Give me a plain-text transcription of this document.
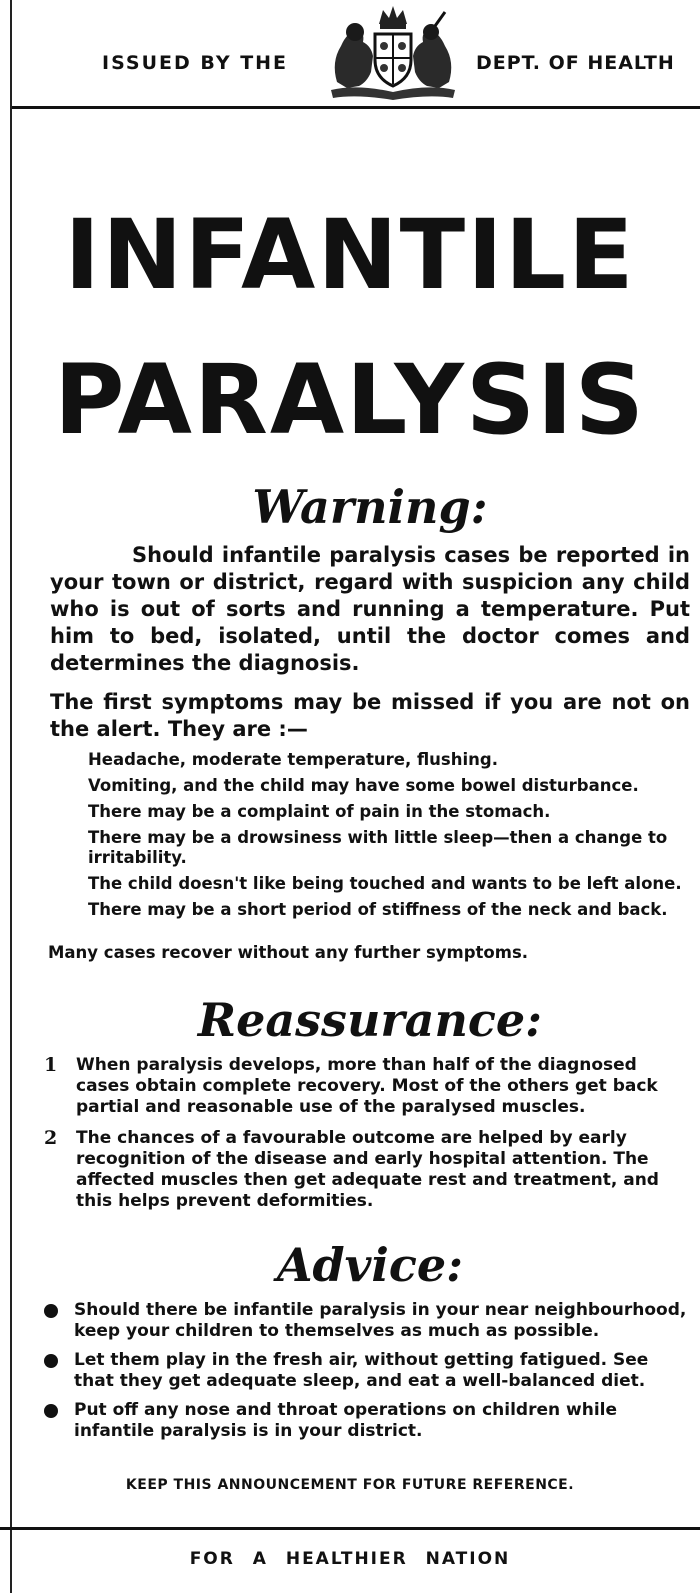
ISSUED BY THE	DEPT. OF HEALTH
INFANTILE
PARALYSIS
Warning:
Should infantile paralysis cases be reported in your town or district, regard with suspicion any child who is out of sorts and running a temperature. Put him to bed, isolated, until the doctor comes and determines the diagnosis.
The first symptoms may be missed if you are not on the alert. They are :—
Headache, moderate temperature, flushing.
Vomiting, and the child may have some bowel disturbance.
There may be a complaint of pain in the stomach.
There may be a drowsiness with little sleep—then a change to irritability.
The child doesn't like being touched and wants to be left alone.
There may be a short period of stiffness of the neck and back.
Many cases recover without any further symptoms.
Reassurance:
1 When paralysis develops, more than half of the diagnosed cases obtain complete recovery. Most of the others get back partial and reasonable use of the paralysed muscles.
2 The chances of a favourable outcome are helped by early recognition of the disease and early hospital attention. The affected muscles then get adequate rest and treatment, and this helps prevent deformities.
Advice:
Should there be infantile paralysis in your near neighbourhood, keep your children to themselves as much as possible.
Let them play in the fresh air, without getting fatigued. See that they get adequate sleep, and eat a well-balanced diet.
Put off any nose and throat operations on children while infantile paralysis is in your district.
KEEP THIS ANNOUNCEMENT FOR FUTURE REFERENCE.
FOR A HEALTHIER NATION
